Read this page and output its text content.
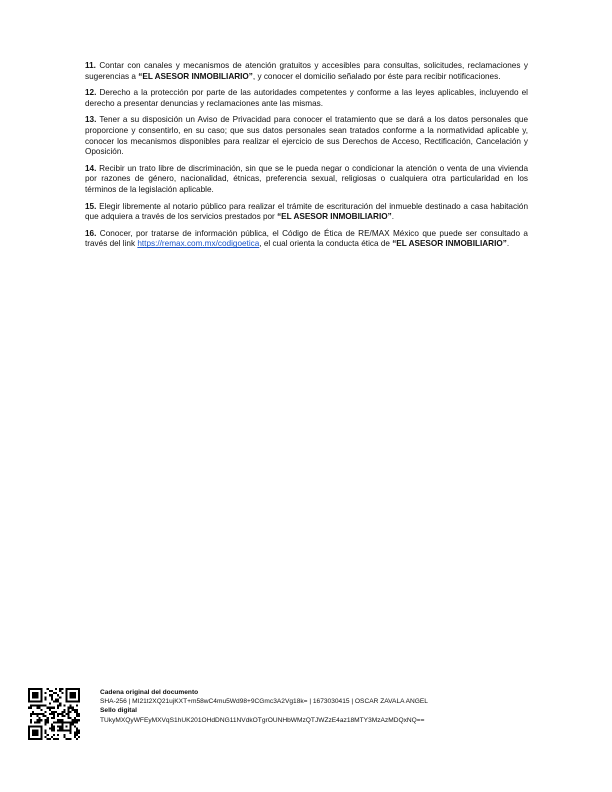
11. Contar con canales y mecanismos de atención gratuitos y accesibles para consultas, solicitudes, reclamaciones y sugerencias a “EL ASESOR INMOBILIARIO”, y conocer el domicilio señalado por éste para recibir notificaciones.

12. Derecho a la protección por parte de las autoridades competentes y conforme a las leyes aplicables, incluyendo el derecho a presentar denuncias y reclamaciones ante las mismas.

13. Tener a su disposición un Aviso de Privacidad para conocer el tratamiento que se dará a los datos personales que proporcione y consentirlo, en su caso; que sus datos personales sean tratados conforme a la normatividad aplicable y, conocer los mecanismos disponibles para realizar el ejercicio de sus Derechos de Acceso, Rectificación, Cancelación y Oposición.

14. Recibir un trato libre de discriminación, sin que se le pueda negar o condicionar la atención o venta de una vivienda por razones de género, nacionalidad, étnicas, preferencia sexual, religiosas o cualquiera otra particularidad en los términos de la legislación aplicable.

15. Elegir libremente al notario público para realizar el trámite de escrituración del inmueble destinado a casa habitación que adquiera a través de los servicios prestados por “EL ASESOR INMOBILIARIO”.

16. Conocer, por tratarse de información pública, el Código de Ética de RE/MAX México que puede ser consultado a través del link https://remax.com.mx/codigoetica, el cual orienta la conducta ética de “EL ASESOR INMOBILIARIO”.

Cadena original del documento
SHA-256 | MI21t2XQ21ujKXT+m58wC4mu5Wd98+9CGmc3A2Vg18k= | 1673030415 | OSCAR ZAVALA ANGEL
Sello digital
TUkyMXQyWFEyMXVqS1hUK201OHdDNG11NVdkOTgrOUNHbWMzQTJWZzE4az18MTY3MzAzMDQxNQ==
